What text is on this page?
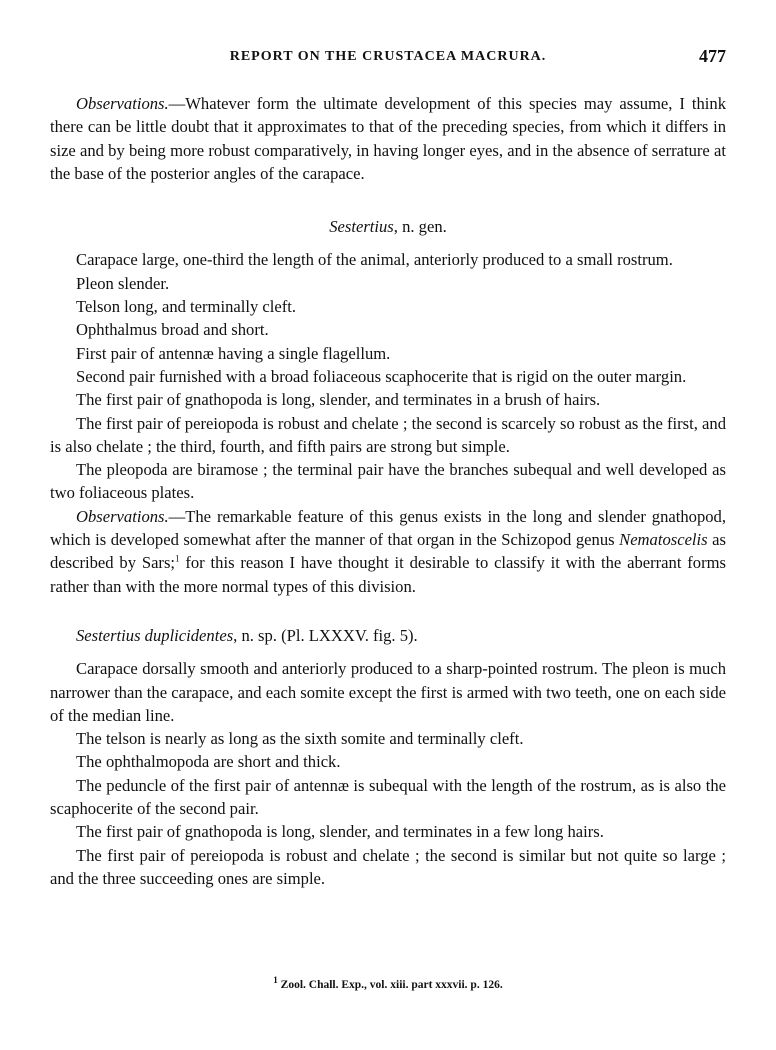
REPORT ON THE CRUSTACEA MACRURA.	477

Observations.—Whatever form the ultimate development of this species may assume, I think there can be little doubt that it approximates to that of the preceding species, from which it differs in size and by being more robust comparatively, in having longer eyes, and in the absence of serrature at the base of the posterior angles of the carapace.

Sestertius, n. gen.

Carapace large, one-third the length of the animal, anteriorly produced to a small rostrum.

Pleon slender.

Telson long, and terminally cleft.

Ophthalmus broad and short.

First pair of antennæ having a single flagellum.

Second pair furnished with a broad foliaceous scaphocerite that is rigid on the outer margin.

The first pair of gnathopoda is long, slender, and terminates in a brush of hairs.

The first pair of pereiopoda is robust and chelate ; the second is scarcely so robust as the first, and is also chelate ; the third, fourth, and fifth pairs are strong but simple.

The pleopoda are biramose ; the terminal pair have the branches subequal and well developed as two foliaceous plates.

Observations.—The remarkable feature of this genus exists in the long and slender gnathopod, which is developed somewhat after the manner of that organ in the Schizopod genus Nematoscelis as described by Sars;$^1$ for this reason I have thought it desirable to classify it with the aberrant forms rather than with the more normal types of this division.

Sestertius duplicidentes, n. sp. (Pl. LXXXV. fig. 5).

Carapace dorsally smooth and anteriorly produced to a sharp-pointed rostrum. The pleon is much narrower than the carapace, and each somite except the first is armed with two teeth, one on each side of the median line.

The telson is nearly as long as the sixth somite and terminally cleft.

The ophthalmopoda are short and thick.

The peduncle of the first pair of antennæ is subequal with the length of the rostrum, as is also the scaphocerite of the second pair.

The first pair of gnathopoda is long, slender, and terminates in a few long hairs.

The first pair of pereiopoda is robust and chelate ; the second is similar but not quite so large ; and the three succeeding ones are simple.

$^1$ Zool. Chall. Exp., vol. xiii. part xxxvii. p. 126.
